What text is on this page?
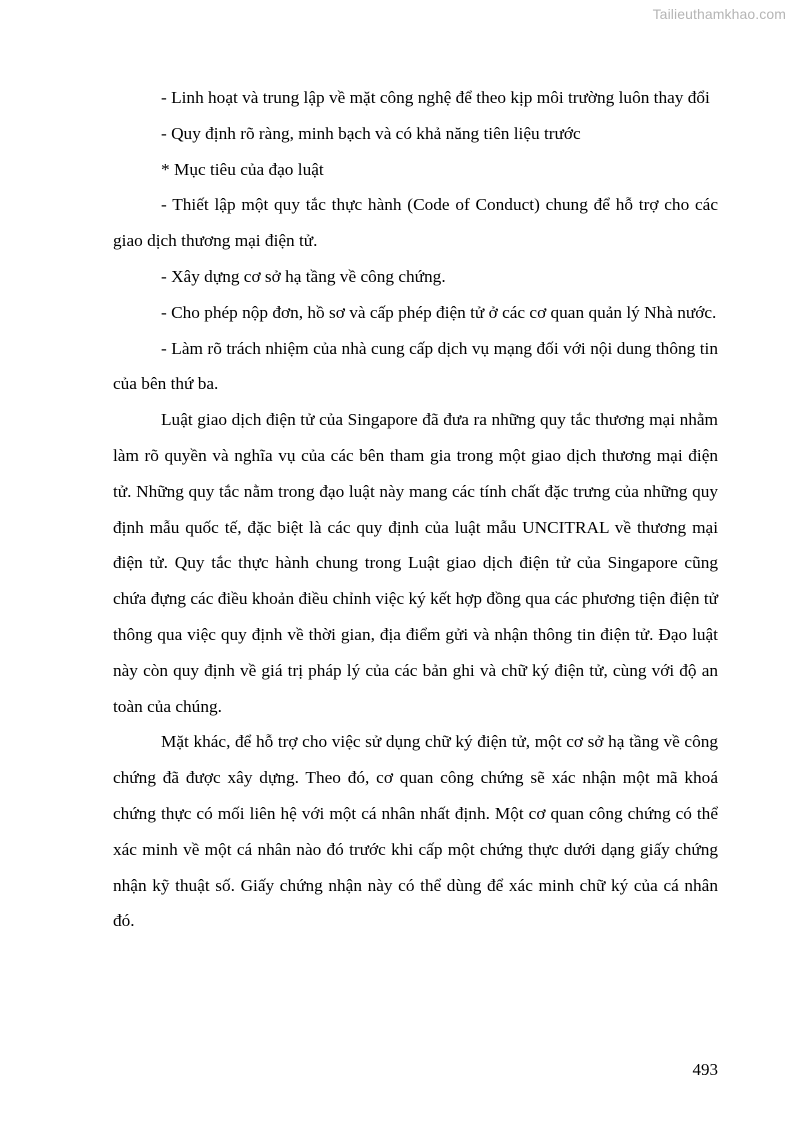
Tailieuthamkhao.com

- Linh hoạt và trung lập về mặt công nghệ để theo kịp môi trường luôn thay đổi

- Quy định rõ ràng, minh bạch và có khả năng tiên liệu trước

* Mục tiêu của đạo luật

- Thiết lập một quy tắc thực hành (Code of Conduct) chung để hỗ trợ cho các giao dịch thương mại điện tử.

- Xây dựng cơ sở hạ tầng về công chứng.

- Cho phép nộp đơn, hồ sơ và cấp phép điện tử ở các cơ quan quản lý Nhà nước.

- Làm rõ trách nhiệm của nhà cung cấp dịch vụ mạng đối với nội dung thông tin của bên thứ ba.

Luật giao dịch điện tử của Singapore đã đưa ra những quy tắc thương mại nhằm làm rõ quyền và nghĩa vụ của các bên tham gia trong một giao dịch thương mại điện tử. Những quy tắc nằm trong đạo luật này mang các tính chất đặc trưng của những quy định mẫu quốc tế, đặc biệt là các quy định của luật mẫu UNCITRAL về thương mại điện tử. Quy tắc thực hành chung trong Luật giao dịch điện tử của Singapore cũng chứa đựng các điều khoản điều chỉnh việc ký kết hợp đồng qua các phương tiện điện tử thông qua việc quy định về thời gian, địa điểm gửi và nhận thông tin điện tử. Đạo luật này còn quy định về giá trị pháp lý của các bản ghi và chữ ký điện tử, cùng với độ an toàn của chúng.

Mặt khác, để hỗ trợ cho việc sử dụng chữ ký điện tử, một cơ sở hạ tầng về công chứng đã được xây dựng. Theo đó, cơ quan công chứng sẽ xác nhận một mã khoá chứng thực có mối liên hệ với một cá nhân nhất định. Một cơ quan công chứng có thể xác minh về một cá nhân nào đó trước khi cấp một chứng thực dưới dạng giấy chứng nhận kỹ thuật số. Giấy chứng nhận này có thể dùng để xác minh chữ ký của cá nhân đó.

493
